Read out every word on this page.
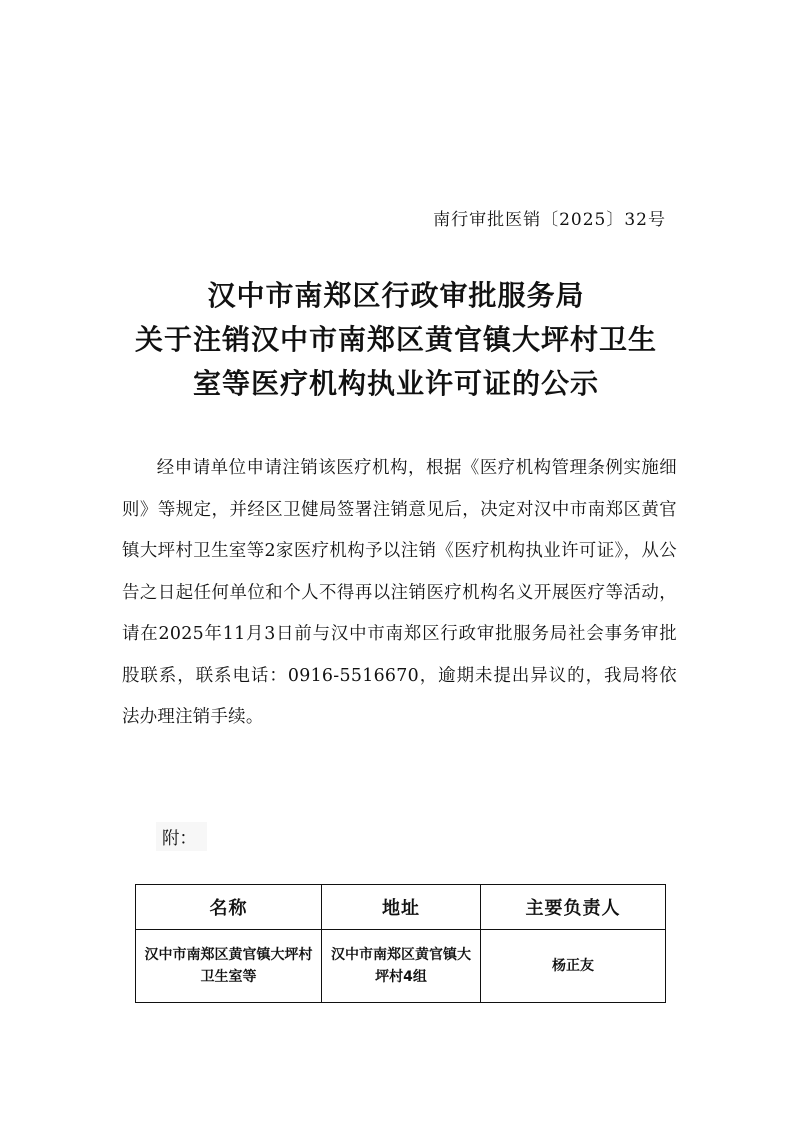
南行审批医销〔2025〕32号
汉中市南郑区行政审批服务局
关于注销汉中市南郑区黄官镇大坪村卫生
室等医疗机构执业许可证的公示
经申请单位申请注销该医疗机构，根据《医疗机构管理条例实施细则》等规定，并经区卫健局签署注销意见后，决定对汉中市南郑区黄官镇大坪村卫生室等2家医疗机构予以注销《医疗机构执业许可证》，从公告之日起任何单位和个人不得再以注销医疗机构名义开展医疗等活动，请在2025年11月3日前与汉中市南郑区行政审批服务局社会事务审批股联系，联系电话：0916-5516670，逾期未提出异议的，我局将依法办理注销手续。
附：
名称	地址	主要负责人
汉中市南郑区黄官镇大坪村卫生室等	汉中市南郑区黄官镇大坪村4组	杨正友
